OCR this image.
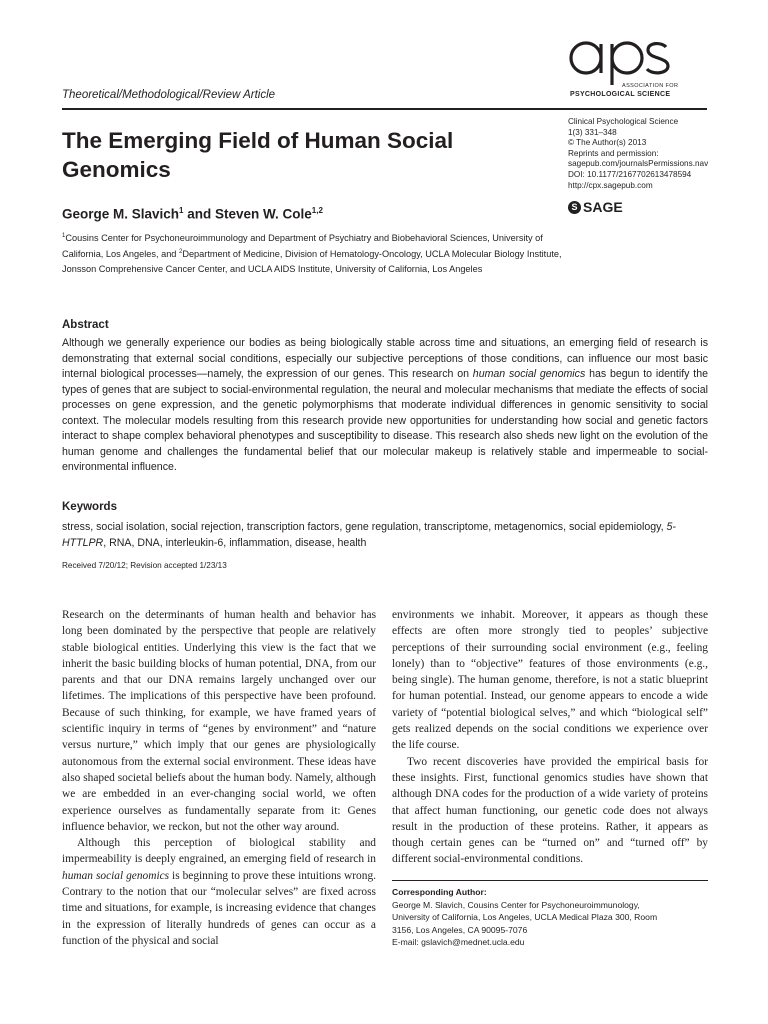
Theoretical/Methodological/Review Article
ASSOCIATION FOR
PSYCHOLOGICAL SCIENCE
The Emerging Field of Human Social Genomics
Clinical Psychological Science
1(3) 331–348
© The Author(s) 2013
Reprints and permission:
sagepub.com/journalsPermissions.nav
DOI: 10.1177/2167702613478594
http://cpx.sagepub.com
S SAGE
George M. Slavich$^1$ and Steven W. Cole$^{1,2}$
$^1$Cousins Center for Psychoneuroimmunology and Department of Psychiatry and Biobehavioral Sciences, University of California, Los Angeles, and $^2$Department of Medicine, Division of Hematology-Oncology, UCLA Molecular Biology Institute, Jonsson Comprehensive Cancer Center, and UCLA AIDS Institute, University of California, Los Angeles
Abstract
Although we generally experience our bodies as being biologically stable across time and situations, an emerging field of research is demonstrating that external social conditions, especially our subjective perceptions of those conditions, can influence our most basic internal biological processes—namely, the expression of our genes. This research on human social genomics has begun to identify the types of genes that are subject to social-environmental regulation, the neural and molecular mechanisms that mediate the effects of social processes on gene expression, and the genetic polymorphisms that moderate individual differences in genomic sensitivity to social context. The molecular models resulting from this research provide new opportunities for understanding how social and genetic factors interact to shape complex behavioral phenotypes and susceptibility to disease. This research also sheds new light on the evolution of the human genome and challenges the fundamental belief that our molecular makeup is relatively stable and impermeable to social-environmental influence.
Keywords
stress, social isolation, social rejection, transcription factors, gene regulation, transcriptome, metagenomics, social epidemiology, 5-HTTLPR, RNA, DNA, interleukin-6, inflammation, disease, health
Received 7/20/12; Revision accepted 1/23/13

Research on the determinants of human health and behavior has long been dominated by the perspective that people are relatively stable biological entities. Underlying this view is the fact that we inherit the basic building blocks of human potential, DNA, from our parents and that our DNA remains largely unchanged over our lifetimes. The implications of this perspective have been profound. Because of such thinking, for example, we have framed years of scientific inquiry in terms of “genes by environment” and “nature versus nurture,” which imply that our genes are physiologically autonomous from the external social environment. These ideas have also shaped societal beliefs about the human body. Namely, although we are embedded in an ever-changing social world, we often experience ourselves as fundamentally separate from it: Genes influence behavior, we reckon, but not the other way around.

Although this perception of biological stability and impermeability is deeply engrained, an emerging field of research in human social genomics is beginning to prove these intuitions wrong. Contrary to the notion that our “molecular selves” are fixed across time and situations, for example, is increasing evidence that changes in the expression of literally hundreds of genes can occur as a function of the physical and social

environments we inhabit. Moreover, it appears as though these effects are often more strongly tied to peoples’ subjective perceptions of their surrounding social environment (e.g., feeling lonely) than to “objective” features of those environments (e.g., being single). The human genome, therefore, is not a static blueprint for human potential. Instead, our genome appears to encode a wide variety of “potential biological selves,” and which “biological self” gets realized depends on the social conditions we experience over the life course.

Two recent discoveries have provided the empirical basis for these insights. First, functional genomics studies have shown that although DNA codes for the production of a wide variety of proteins that affect human functioning, our genetic code does not always result in the production of these proteins. Rather, it appears as though certain genes can be “turned on” and “turned off” by different social-environmental conditions.

Corresponding Author:
George M. Slavich, Cousins Center for Psychoneuroimmunology,
University of California, Los Angeles, UCLA Medical Plaza 300, Room
3156, Los Angeles, CA 90095-7076
E-mail: gslavich@mednet.ucla.edu
